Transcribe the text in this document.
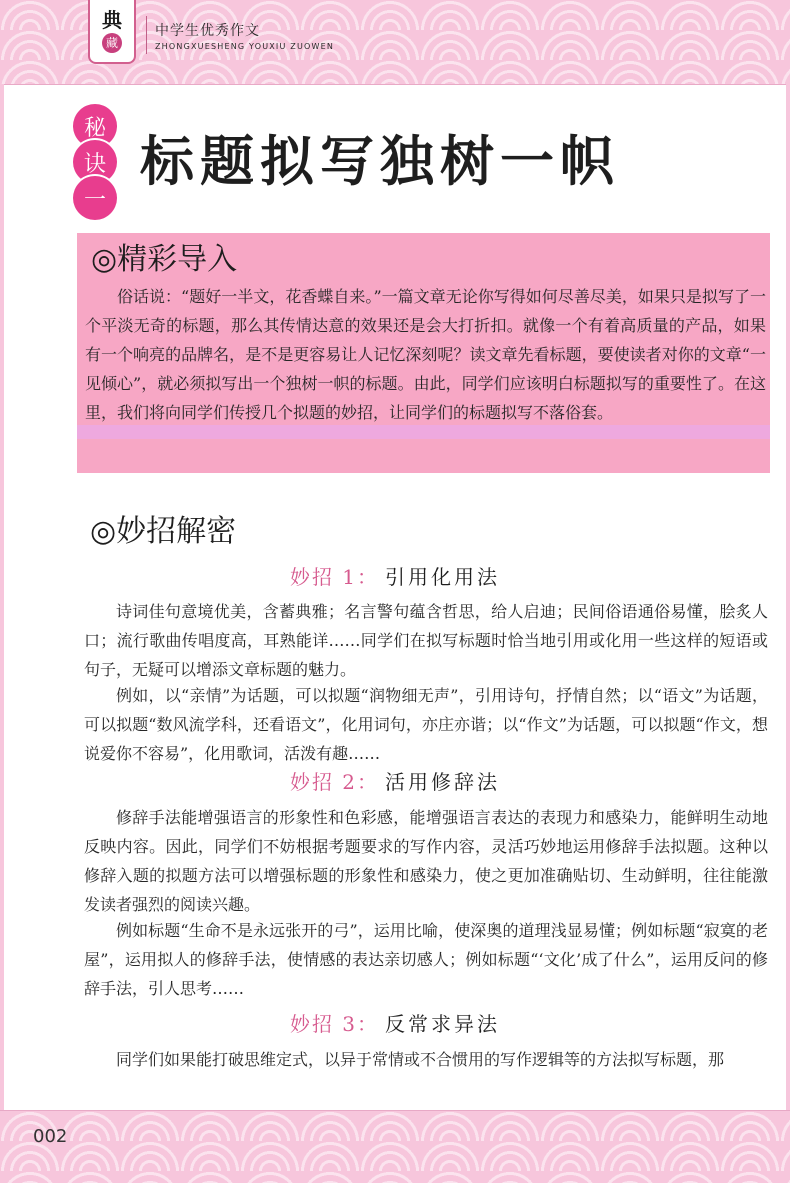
典
藏
中学生优秀作文
ZHONGXUESHENG YOUXIU ZUOWEN
秘
诀
一
标题拟写独树一帜
◎精彩导入
俗话说：“题好一半文，花香蝶自来。”一篇文章无论你写得如何尽善尽美，如果只是拟写了一个平淡无奇的标题，那么其传情达意的效果还是会大打折扣。就像一个有着高质量的产品，如果有一个响亮的品牌名，是不是更容易让人记忆深刻呢？读文章先看标题，要使读者对你的文章“一见倾心”，就必须拟写出一个独树一帜的标题。由此，同学们应该明白标题拟写的重要性了。在这里，我们将向同学们传授几个拟题的妙招，让同学们的标题拟写不落俗套。
◎妙招解密
妙招 1： 引用化用法
诗词佳句意境优美，含蓄典雅；名言警句蕴含哲思，给人启迪；民间俗语通俗易懂，脍炙人口；流行歌曲传唱度高，耳熟能详……同学们在拟写标题时恰当地引用或化用一些这样的短语或句子，无疑可以增添文章标题的魅力。
例如，以“亲情”为话题，可以拟题“润物细无声”，引用诗句，抒情自然；以“语文”为话题，可以拟题“数风流学科，还看语文”，化用词句，亦庄亦谐；以“作文”为话题，可以拟题“作文，想说爱你不容易”，化用歌词，活泼有趣……
妙招 2： 活用修辞法
修辞手法能增强语言的形象性和色彩感，能增强语言表达的表现力和感染力，能鲜明生动地反映内容。因此，同学们不妨根据考题要求的写作内容，灵活巧妙地运用修辞手法拟题。这种以修辞入题的拟题方法可以增强标题的形象性和感染力，使之更加准确贴切、生动鲜明，往往能激发读者强烈的阅读兴趣。
例如标题“生命不是永远张开的弓”，运用比喻，使深奥的道理浅显易懂；例如标题“寂寞的老屋”，运用拟人的修辞手法，使情感的表达亲切感人；例如标题“‘文化’成了什么”，运用反问的修辞手法，引人思考……
妙招 3： 反常求异法
同学们如果能打破思维定式，以异于常情或不合惯用的写作逻辑等的方法拟写标题，那
002
